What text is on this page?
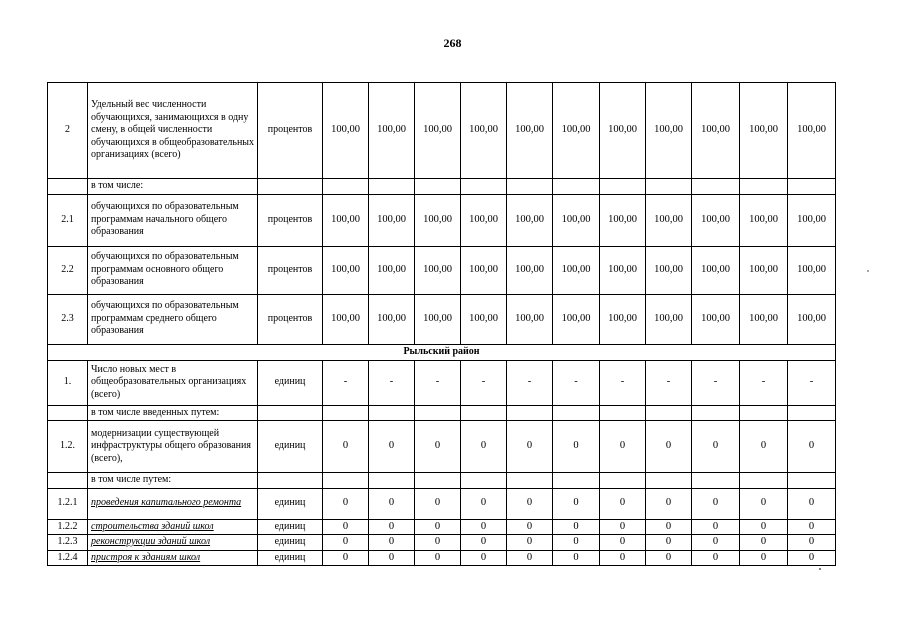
268
2	Удельный вес численности обучающихся, занимающихся в одну смену, в общей численности обучающихся в общеобразовательных организациях (всего)	процентов	100,00	100,00	100,00	100,00	100,00	100,00	100,00	100,00	100,00	100,00	100,00
	в том числе:												
2.1	обучающихся по образовательным программам начального общего образования	процентов	100,00	100,00	100,00	100,00	100,00	100,00	100,00	100,00	100,00	100,00	100,00
2.2	обучающихся по образовательным программам основного общего образования	процентов	100,00	100,00	100,00	100,00	100,00	100,00	100,00	100,00	100,00	100,00	100,00
2.3	обучающихся по образовательным программам среднего общего образования	процентов	100,00	100,00	100,00	100,00	100,00	100,00	100,00	100,00	100,00	100,00	100,00
Рыльский район													
1.	Число новых мест в общеобразовательных организациях (всего)	единиц	-	-	-	-	-	-	-	-	-	-	-
	в том числе введенных путем:												
1.2.	модернизации существующей инфраструктуры общего образования (всего),	единиц	0	0	0	0	0	0	0	0	0	0	0
	в том числе путем:												
1.2.1	проведения капитального ремонта	единиц	0	0	0	0	0	0	0	0	0	0	0
1.2.2	строительства зданий школ	единиц	0	0	0	0	0	0	0	0	0	0	0
1.2.3	реконструкции зданий школ	единиц	0	0	0	0	0	0	0	0	0	0	0
1.2.4	пристроя к зданиям школ	единиц	0	0	0	0	0	0	0	0	0	0	0
